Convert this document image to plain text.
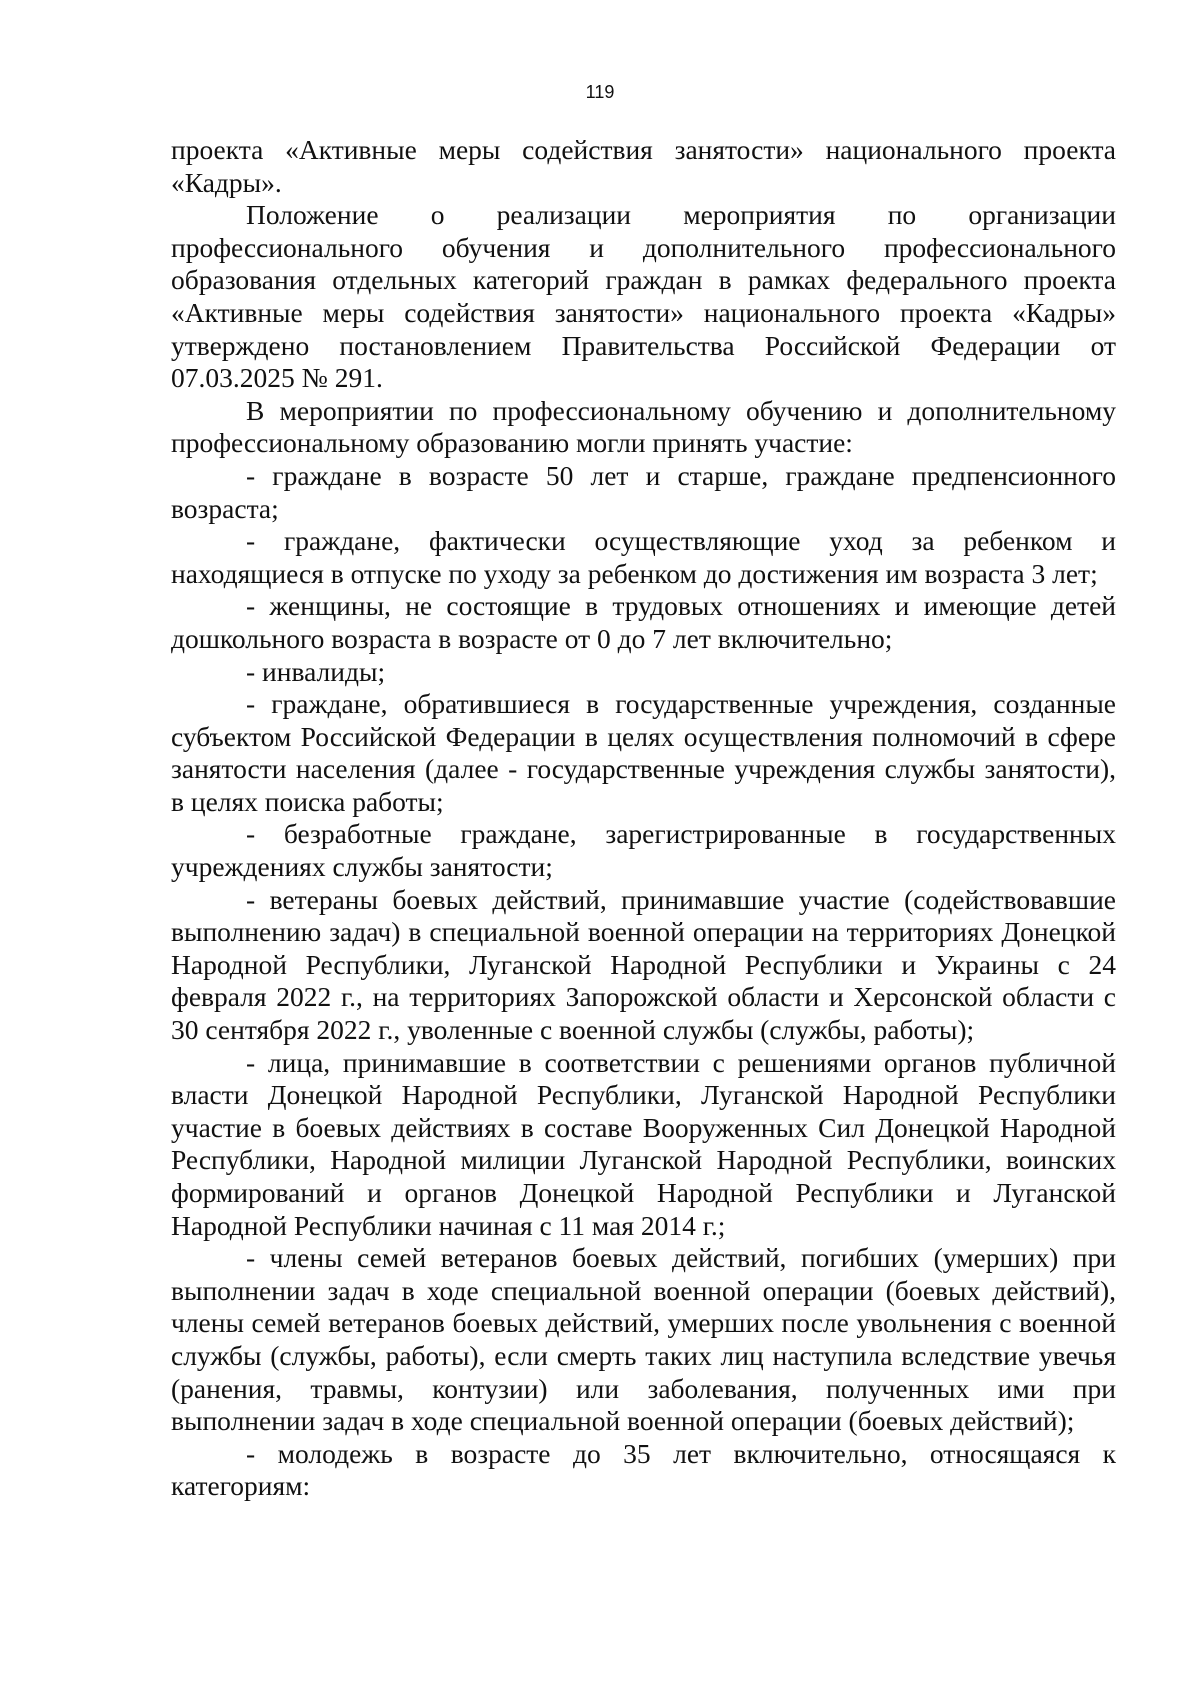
119

проекта «Активные меры содействия занятости» национального проекта «Кадры».

Положение о реализации мероприятия по организации профессионального обучения и дополнительного профессионального образования отдельных категорий граждан в рамках федерального проекта «Активные меры содействия занятости» национального проекта «Кадры» утверждено постановлением Правительства Российской Федерации от 07.03.2025 № 291.

В мероприятии по профессиональному обучению и дополнительному профессиональному образованию могли принять участие:

- граждане в возрасте 50 лет и старше, граждане предпенсионного возраста;

- граждане, фактически осуществляющие уход за ребенком и находящиеся в отпуске по уходу за ребенком до достижения им возраста 3 лет;

- женщины, не состоящие в трудовых отношениях и имеющие детей дошкольного возраста в возрасте от 0 до 7 лет включительно;

- инвалиды;

- граждане, обратившиеся в государственные учреждения, созданные субъектом Российской Федерации в целях осуществления полномочий в сфере занятости населения (далее - государственные учреждения службы занятости), в целях поиска работы;

- безработные граждане, зарегистрированные в государственных учреждениях службы занятости;

- ветераны боевых действий, принимавшие участие (содействовавшие выполнению задач) в специальной военной операции на территориях Донецкой Народной Республики, Луганской Народной Республики и Украины с 24 февраля 2022 г., на территориях Запорожской области и Херсонской области с 30 сентября 2022 г., уволенные с военной службы (службы, работы);

- лица, принимавшие в соответствии с решениями органов публичной власти Донецкой Народной Республики, Луганской Народной Республики участие в боевых действиях в составе Вооруженных Сил Донецкой Народной Республики, Народной милиции Луганской Народной Республики, воинских формирований и органов Донецкой Народной Республики и Луганской Народной Республики начиная с 11 мая 2014 г.;

- члены семей ветеранов боевых действий, погибших (умерших) при выполнении задач в ходе специальной военной операции (боевых действий), члены семей ветеранов боевых действий, умерших после увольнения с военной службы (службы, работы), если смерть таких лиц наступила вследствие увечья (ранения, травмы, контузии) или заболевания, полученных ими при выполнении задач в ходе специальной военной операции (боевых действий);

- молодежь в возрасте до 35 лет включительно, относящаяся к категориям:
